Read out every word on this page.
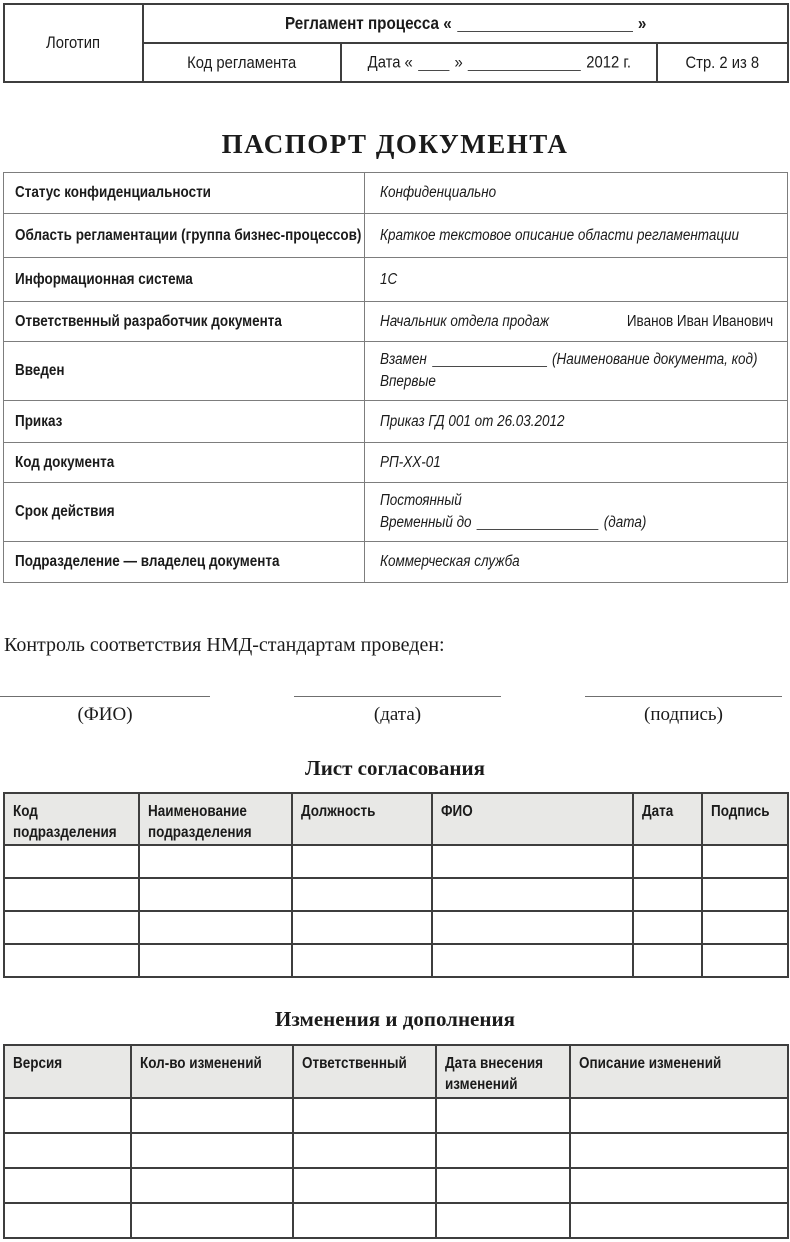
Логотип	Регламент процесса « »		
	Код регламента	Дата « » 2012 г.	Стр. 2 из 8
ПАСПОРТ ДОКУМЕНТА
Статус конфиденциальности	Конфиденциально
Область регламентации (группа бизнес-процессов)	Краткое текстовое описание области регламентации
Информационная система	1С
Ответственный разработчик документа	Начальник отдела продаж Иванов Иван Иванович

Введен	Взамен (Наименование документа, код)
Впервые

Приказ	Приказ ГД 001 от 26.03.2012
Код документа	РП-ХХ-01
Срок действия	Постоянный
Временный до (дата)

Подразделение — владелец документа	Коммерческая служба
Контроль соответствия НМД-стандартам проведен:
(ФИО)	(дата)	(подпись)
Лист согласования
Код подразделения	Наименование подразделения	Должность	ФИО	Дата	Подпись

Изменения и дополнения
Версия	Кол-во изменений	Ответственный	Дата внесения изменений	Описание изменений
